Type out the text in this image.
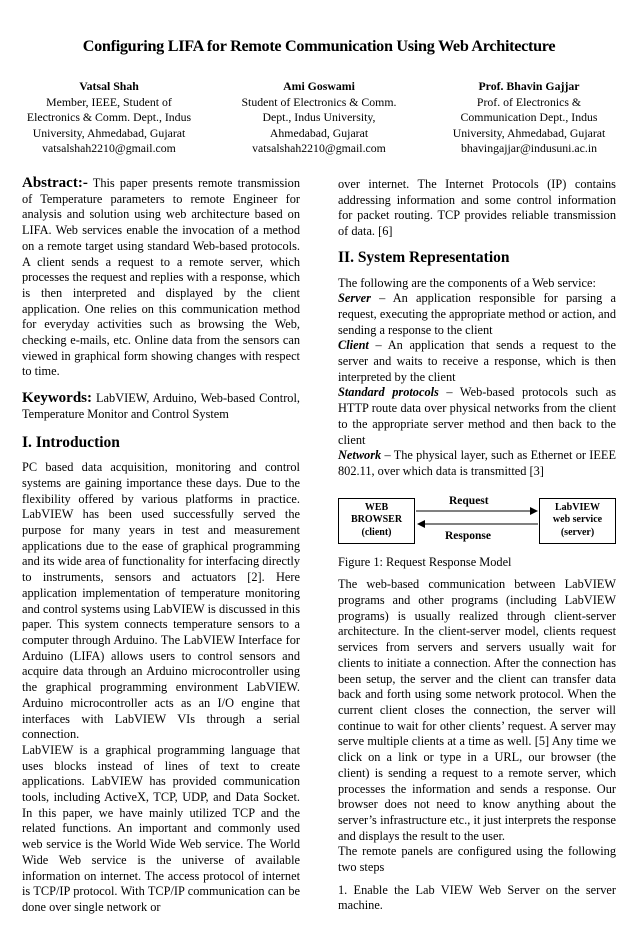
Configuring LIFA for Remote Communication Using Web Architecture
Vatsal Shah
Member, IEEE, Student of
Electronics & Comm. Dept., Indus
University, Ahmedabad, Gujarat
vatsalshah2210@gmail.com
Ami Goswami
Student of Electronics & Comm.
Dept., Indus University,
Ahmedabad, Gujarat
vatsalshah2210@gmail.com
Prof. Bhavin Gajjar
Prof. of Electronics &
Communication Dept., Indus
University, Ahmedabad, Gujarat
bhavingajjar@indusuni.ac.in

Abstract:- This paper presents remote transmission of Temperature parameters to remote Engineer for analysis and solution using web architecture based on LIFA. Web services enable the invocation of a method on a remote target using standard Web-based protocols. A client sends a request to a remote server, which processes the request and replies with a response, which is then interpreted and displayed by the client application. One relies on this communication method for everyday activities such as browsing the Web, checking e-mails, etc. Online data from the sensors can viewed in graphical form showing changes with respect to time.

Keywords: LabVIEW, Arduino, Web-based Control, Temperature Monitor and Control System

I. Introduction

PC based data acquisition, monitoring and control systems are gaining importance these days. Due to the flexibility offered by various platforms in practice. LabVIEW has been used successfully served the purpose for many years in test and measurement applications due to the ease of graphical programming and its wide area of functionality for interfacing directly to instruments, sensors and actuators [2]. Here application implementation of temperature monitoring and control systems using LabVIEW is discussed in this paper. This system connects temperature sensors to a computer through Arduino. The LabVIEW Interface for Arduino (LIFA) allows users to control sensors and acquire data through an Arduino microcontroller using the graphical programming environment LabVIEW. Arduino microcontroller acts as an I/O engine that interfaces with LabVIEW VIs through a serial connection.

LabVIEW is a graphical programming language that uses blocks instead of lines of text to create applications. LabVIEW has provided communication tools, including ActiveX, TCP, UDP, and Data Socket. In this paper, we have mainly utilized TCP and the related functions. An important and commonly used web service is the World Wide Web service. The World Wide Web service is the universe of available information on internet. The access protocol of internet is TCP/IP protocol. With TCP/IP communication can be done over single network or

over internet. The Internet Protocols (IP) contains addressing information and some control information for packet routing. TCP provides reliable transmission of data. [6]

II. System Representation

The following are the components of a Web service:

Server – An application responsible for parsing a request, executing the appropriate method or action, and sending a response to the client

Client – An application that sends a request to the server and waits to receive a response, which is then interpreted by the client

Standard protocols – Web-based protocols such as HTTP route data over physical networks from the client to the appropriate server method and then back to the client

Network – The physical layer, such as Ethernet or IEEE 802.11, over which data is transmitted [3]

WEB
BROWSER
(client)
LabVIEW
web service
(server)
Request
Response

Figure 1: Request Response Model

The web-based communication between LabVIEW programs and other programs (including LabVIEW programs) is usually realized through client-server architecture. In the client-server model, clients request services from servers and servers usually wait for clients to initiate a connection. After the connection has been setup, the server and the client can transfer data back and forth using some network protocol. When the current client closes the connection, the server will continue to wait for other clients’ request. A server may serve multiple clients at a time as well. [5] Any time we click on a link or type in a URL, our browser (the client) is sending a request to a remote server, which processes the information and sends a response. Our browser does not need to know anything about the server’s infrastructure etc., it just interprets the response and displays the result to the user.

The remote panels are configured using the following two steps

1. Enable the Lab VIEW Web Server on the server machine.
